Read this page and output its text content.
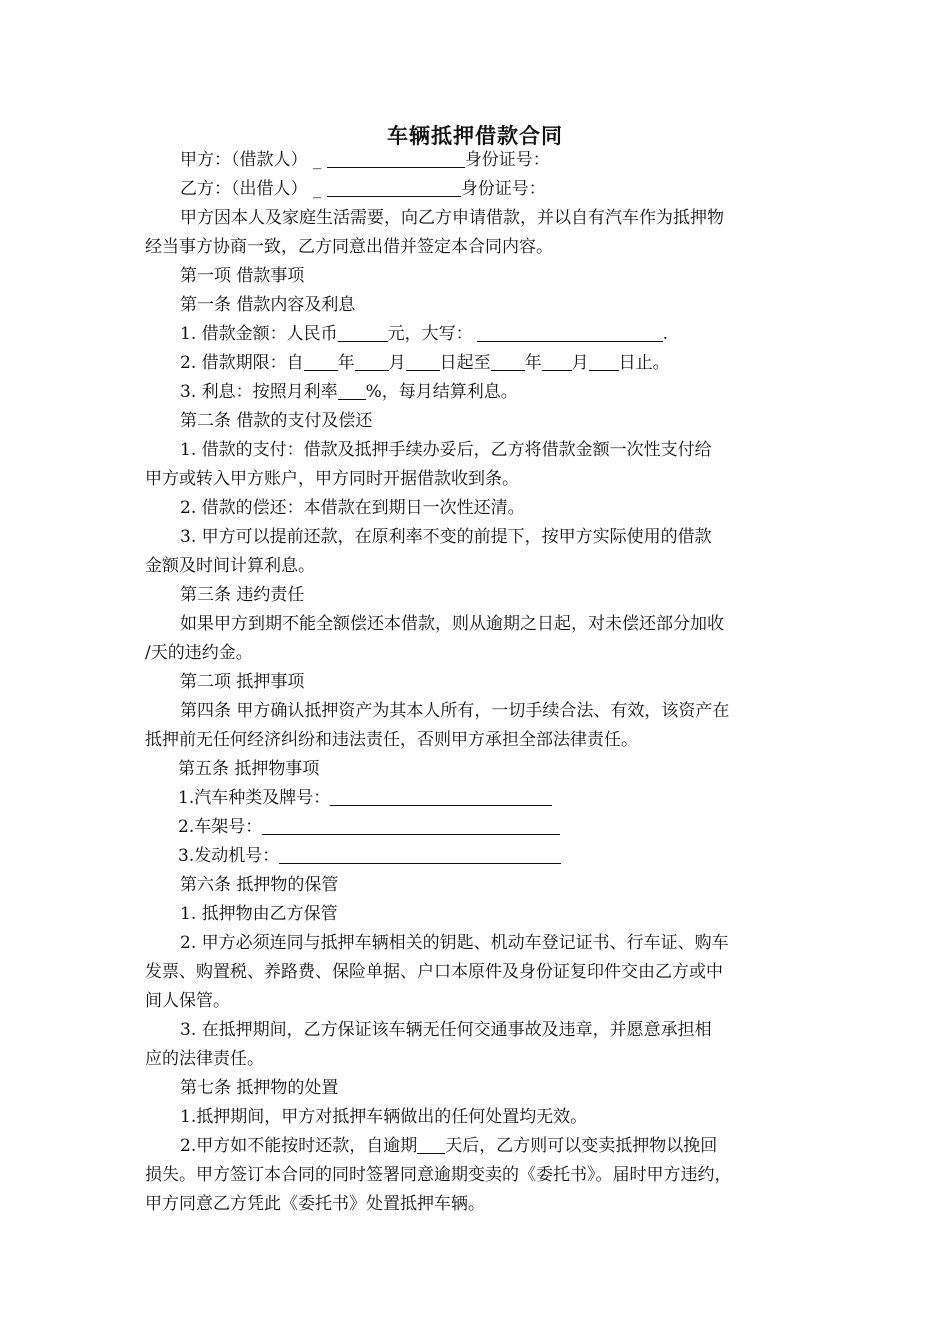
车辆抵押借款合同
甲方：（借款人） _	身份证号：
乙方：（出借人） _	身份证号：
甲方因本人及家庭生活需要，向乙方申请借款，并以自有汽车作为抵押物
经当事方协商一致，乙方同意出借并签定本合同内容。
第一项 借款事项
第一条 借款内容及利息
1. 借款金额：人民币	元，大写：	.
2. 借款期限：自 年 月 日起至 年 月 日止。
3. 利息：按照月利率 %，每月结算利息。
第二条 借款的支付及偿还
1. 借款的支付：借款及抵押手续办妥后，乙方将借款金额一次性支付给
甲方或转入甲方账户，甲方同时开据借款收到条。
2. 借款的偿还：本借款在到期日一次性还清。
3. 甲方可以提前还款，在原利率不变的前提下，按甲方实际使用的借款
金额及时间计算利息。
第三条 违约责任
如果甲方到期不能全额偿还本借款，则从逾期之日起，对未偿还部分加收
/天的违约金。
第二项 抵押事项
第四条 甲方确认抵押资产为其本人所有，一切手续合法、有效，该资产在
抵押前无任何经济纠纷和违法责任，否则甲方承担全部法律责任。
第五条 抵押物事项
1.汽车种类及牌号：
2.车架号：
3.发动机号：
第六条 抵押物的保管
1. 抵押物由乙方保管
2. 甲方必须连同与抵押车辆相关的钥匙、机动车登记证书、行车证、购车
发票、购置税、养路费、保险单据、户口本原件及身份证复印件交由乙方或中
间人保管。
3. 在抵押期间，乙方保证该车辆无任何交通事故及违章，并愿意承担相
应的法律责任。
第七条 抵押物的处置
1.抵押期间，甲方对抵押车辆做出的任何处置均无效。
2.甲方如不能按时还款，自逾期 天后，乙方则可以变卖抵押物以挽回
损失。甲方签订本合同的同时签署同意逾期变卖的《委托书》。届时甲方违约，
甲方同意乙方凭此《委托书》处置抵押车辆。
